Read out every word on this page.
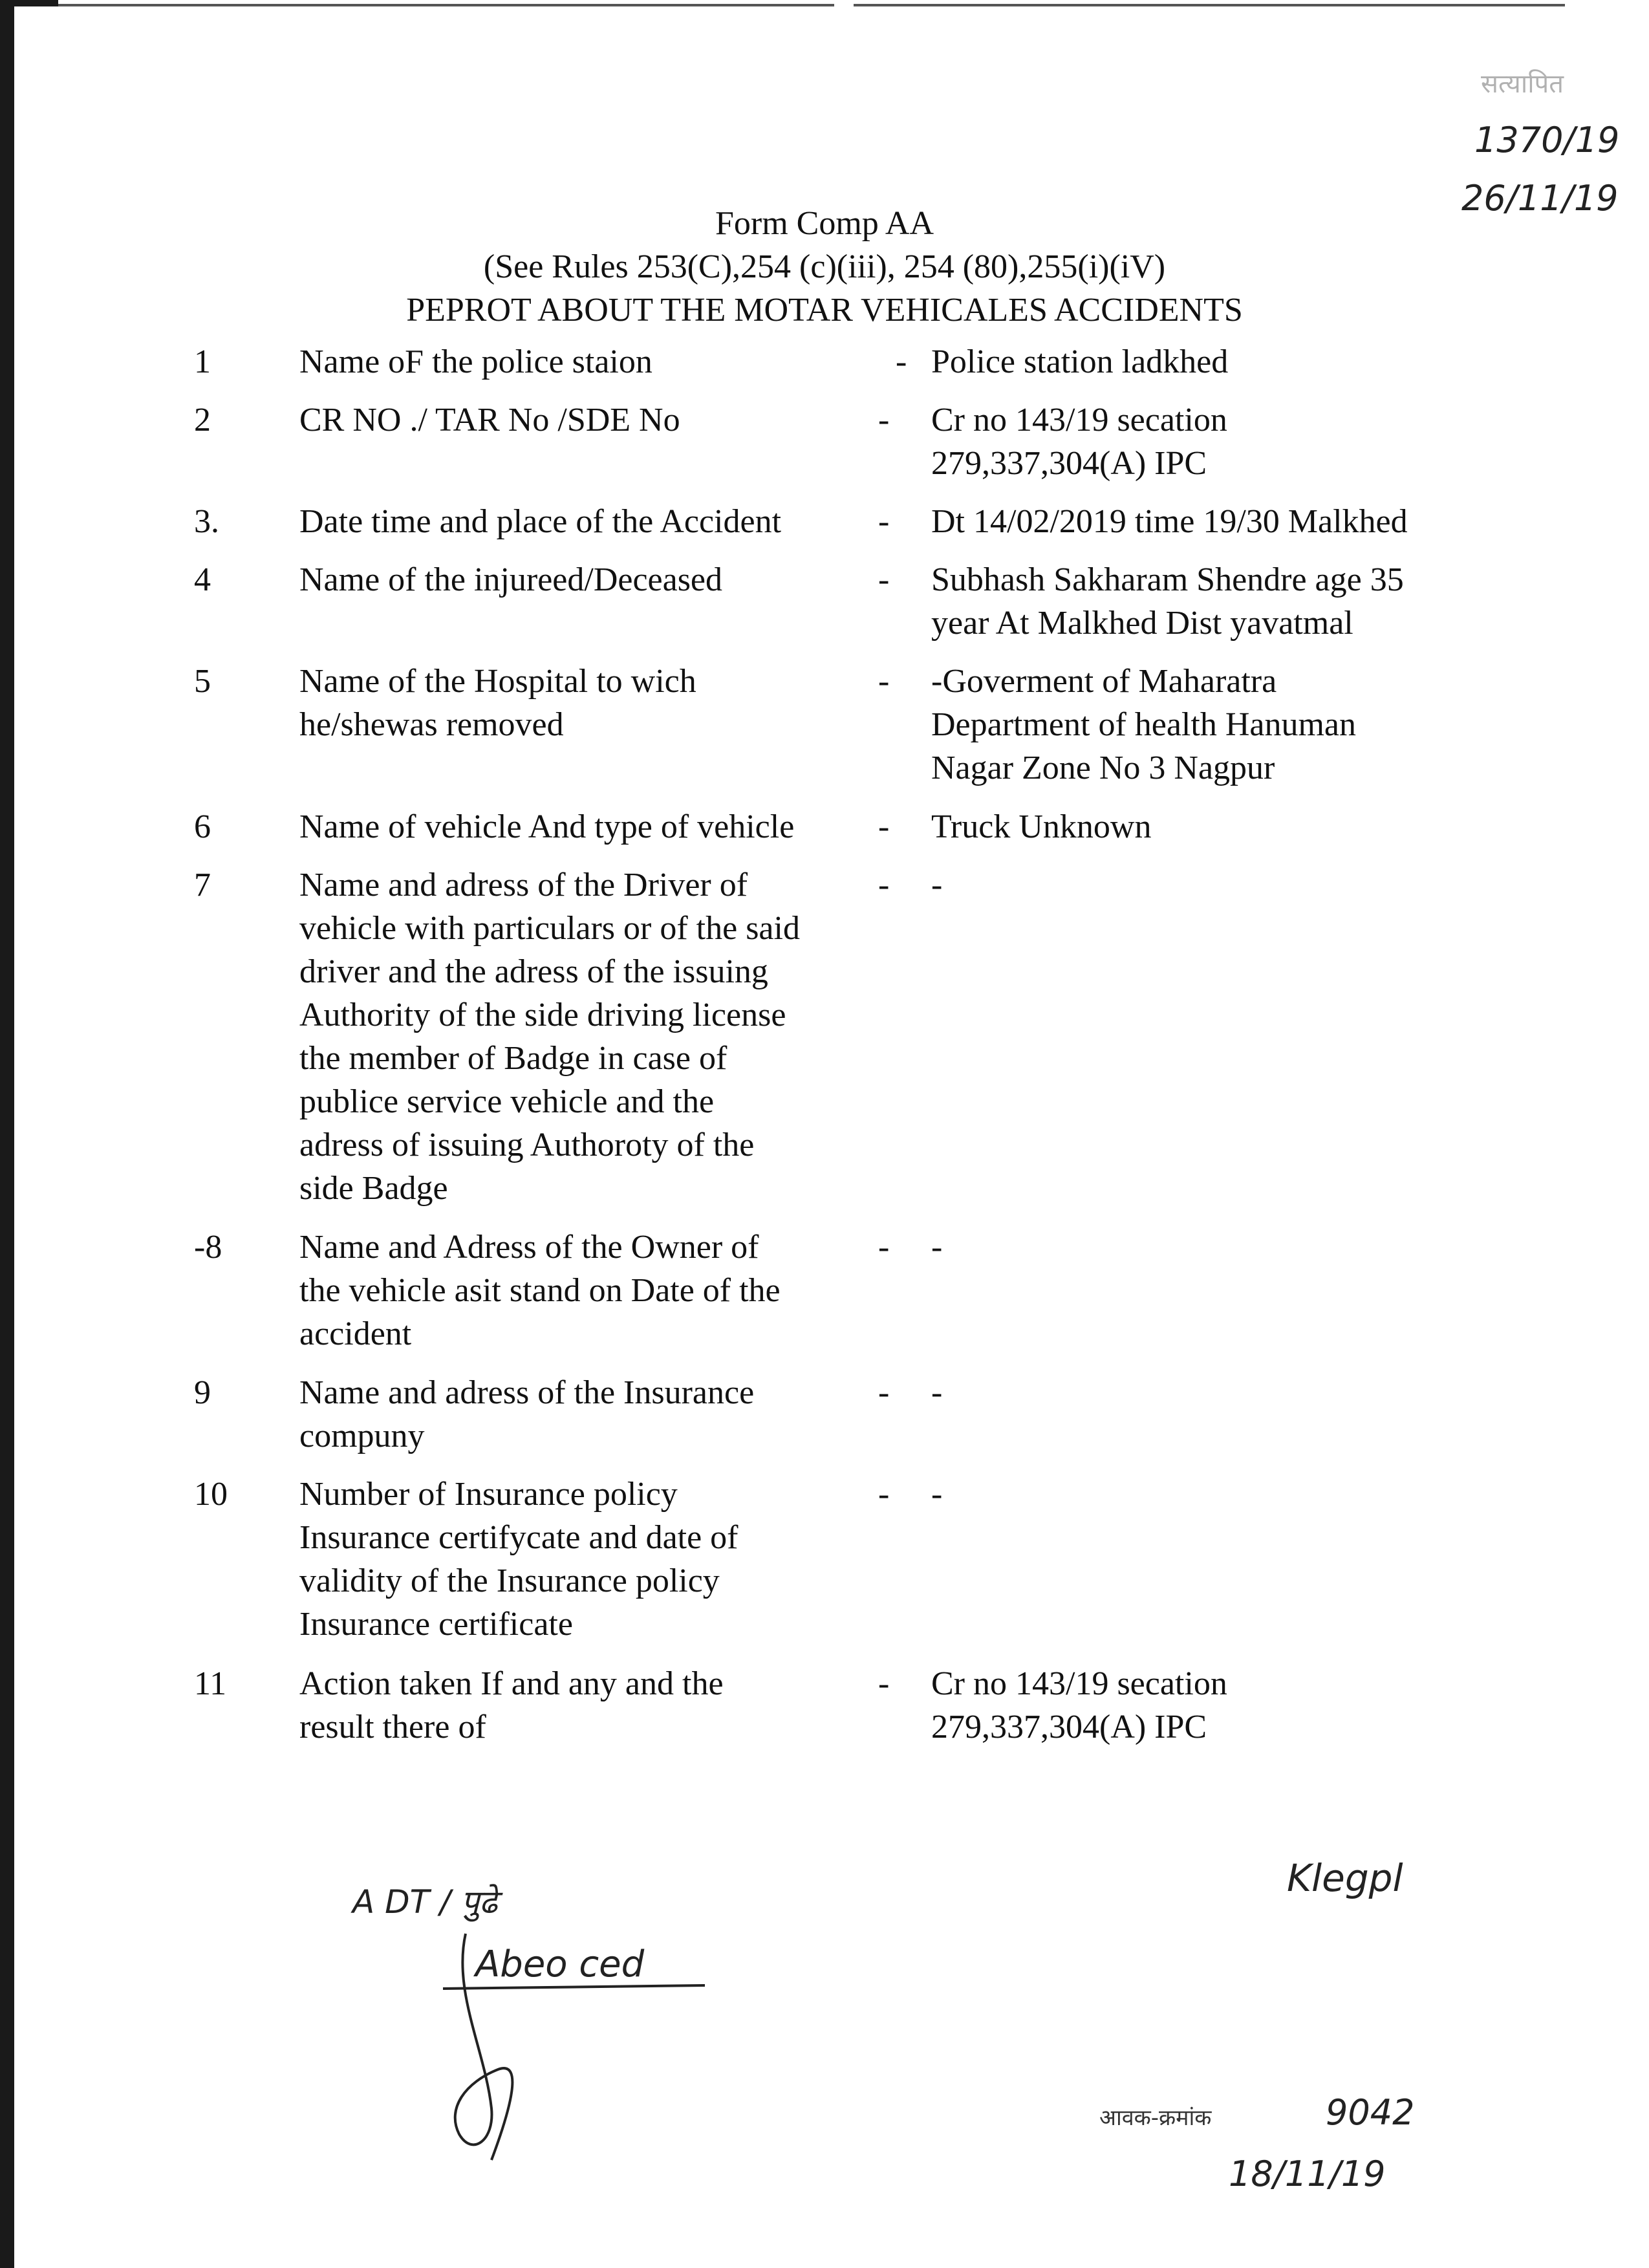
सत्यापित
1370/19
26/11/19
Form Comp AA
(See Rules 253(C),254 (c)(iii), 254 (80),255(i)(iV)
PEPROT ABOUT THE MOTAR VEHICALES ACCIDENTS
1	Name oF the police staion	- Police station ladkhed
2	CR NO ./ TAR No /SDE No	-	Cr no 143/19 secation
279,337,304(A) IPC
3.	Date time and place of the Accident	-	Dt 14/02/2019 time 19/30 Malkhed
4	Name of the injureed/Deceased	-	Subhash Sakharam Shendre age 35
year At Malkhed Dist yavatmal
5	Name of the Hospital to wich
he/shewas removed
-	-Goverment of Maharatra
Department of health Hanuman
Nagar Zone No 3 Nagpur
6	Name of vehicle And type of vehicle	-	Truck Unknown
7	Name and adress of the Driver of
vehicle with particulars or of the said
driver and the adress of the issuing
Authority of the side driving license
the member of Badge in case of
publice service vehicle and the
adress of issuing Authoroty of the
side Badge
-	-
-8	Name and Adress of the Owner of
the vehicle asit stand on Date of the
accident
-	-
9	Name and adress of the Insurance
compuny
-	-
10	Number of Insurance policy
Insurance certifycate and date of
validity of the Insurance policy
Insurance certificate
-	-
11	Action taken If and any and the
result there of
-	Cr no 143/19 secation
279,337,304(A) IPC
A DT / पुढे
Abeo ced
Klegpl
आवक-क्रमांक	9042
18/11/19
